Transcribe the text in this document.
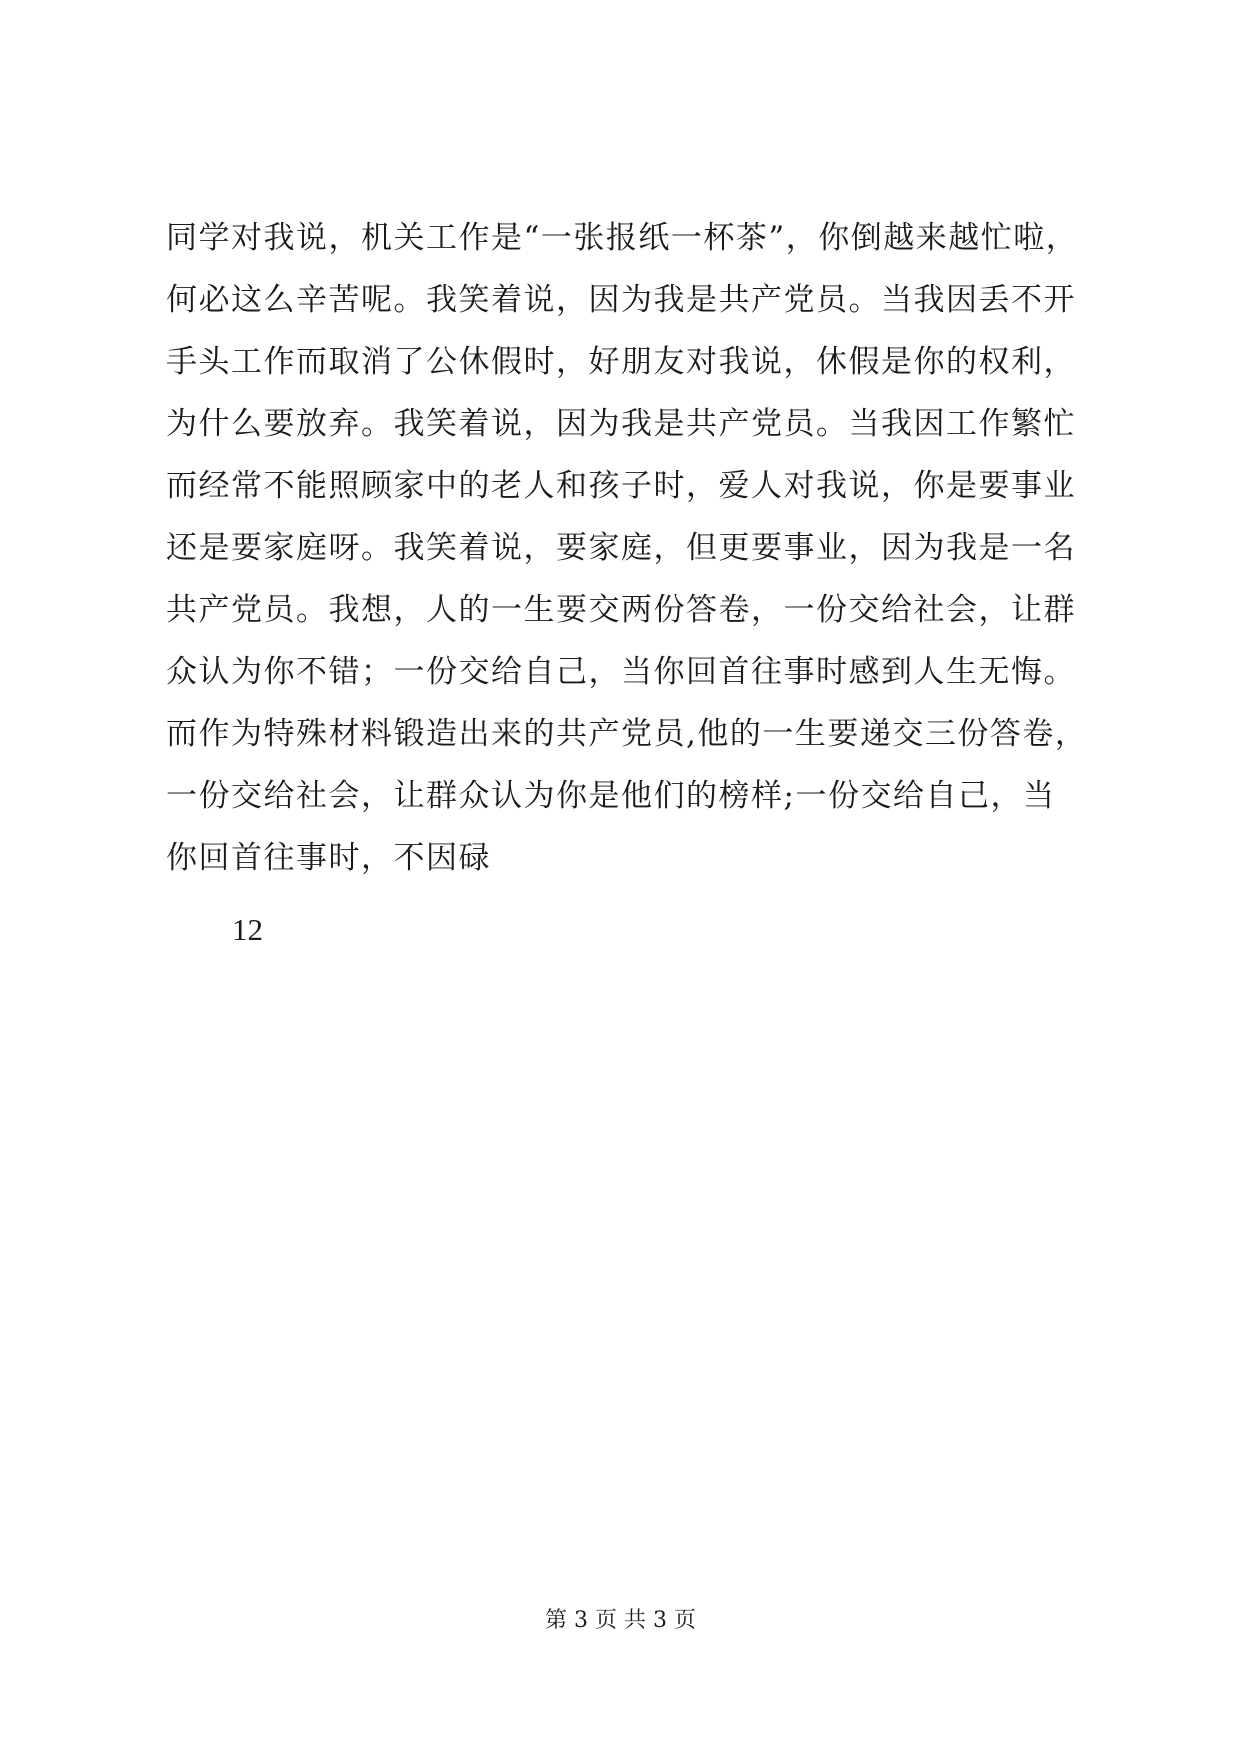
同学对我说，机关工作是“一张报纸一杯茶”，你倒越来越忙啦，
何必这么辛苦呢。我笑着说，因为我是共产党员。当我因丢不开
手头工作而取消了公休假时，好朋友对我说，休假是你的权利，
为什么要放弃。我笑着说，因为我是共产党员。当我因工作繁忙
而经常不能照顾家中的老人和孩子时，爱人对我说，你是要事业
还是要家庭呀。我笑着说，要家庭，但更要事业，因为我是一名
共产党员。我想，人的一生要交两份答卷，一份交给社会，让群
众认为你不错；一份交给自己，当你回首往事时感到人生无悔。
而作为特殊材料锻造出来的共产党员,他的一生要递交三份答卷，
一份交给社会，让群众认为你是他们的榜样;一份交给自己，当
你回首往事时，不因碌
12
第 3 页 共 3 页
